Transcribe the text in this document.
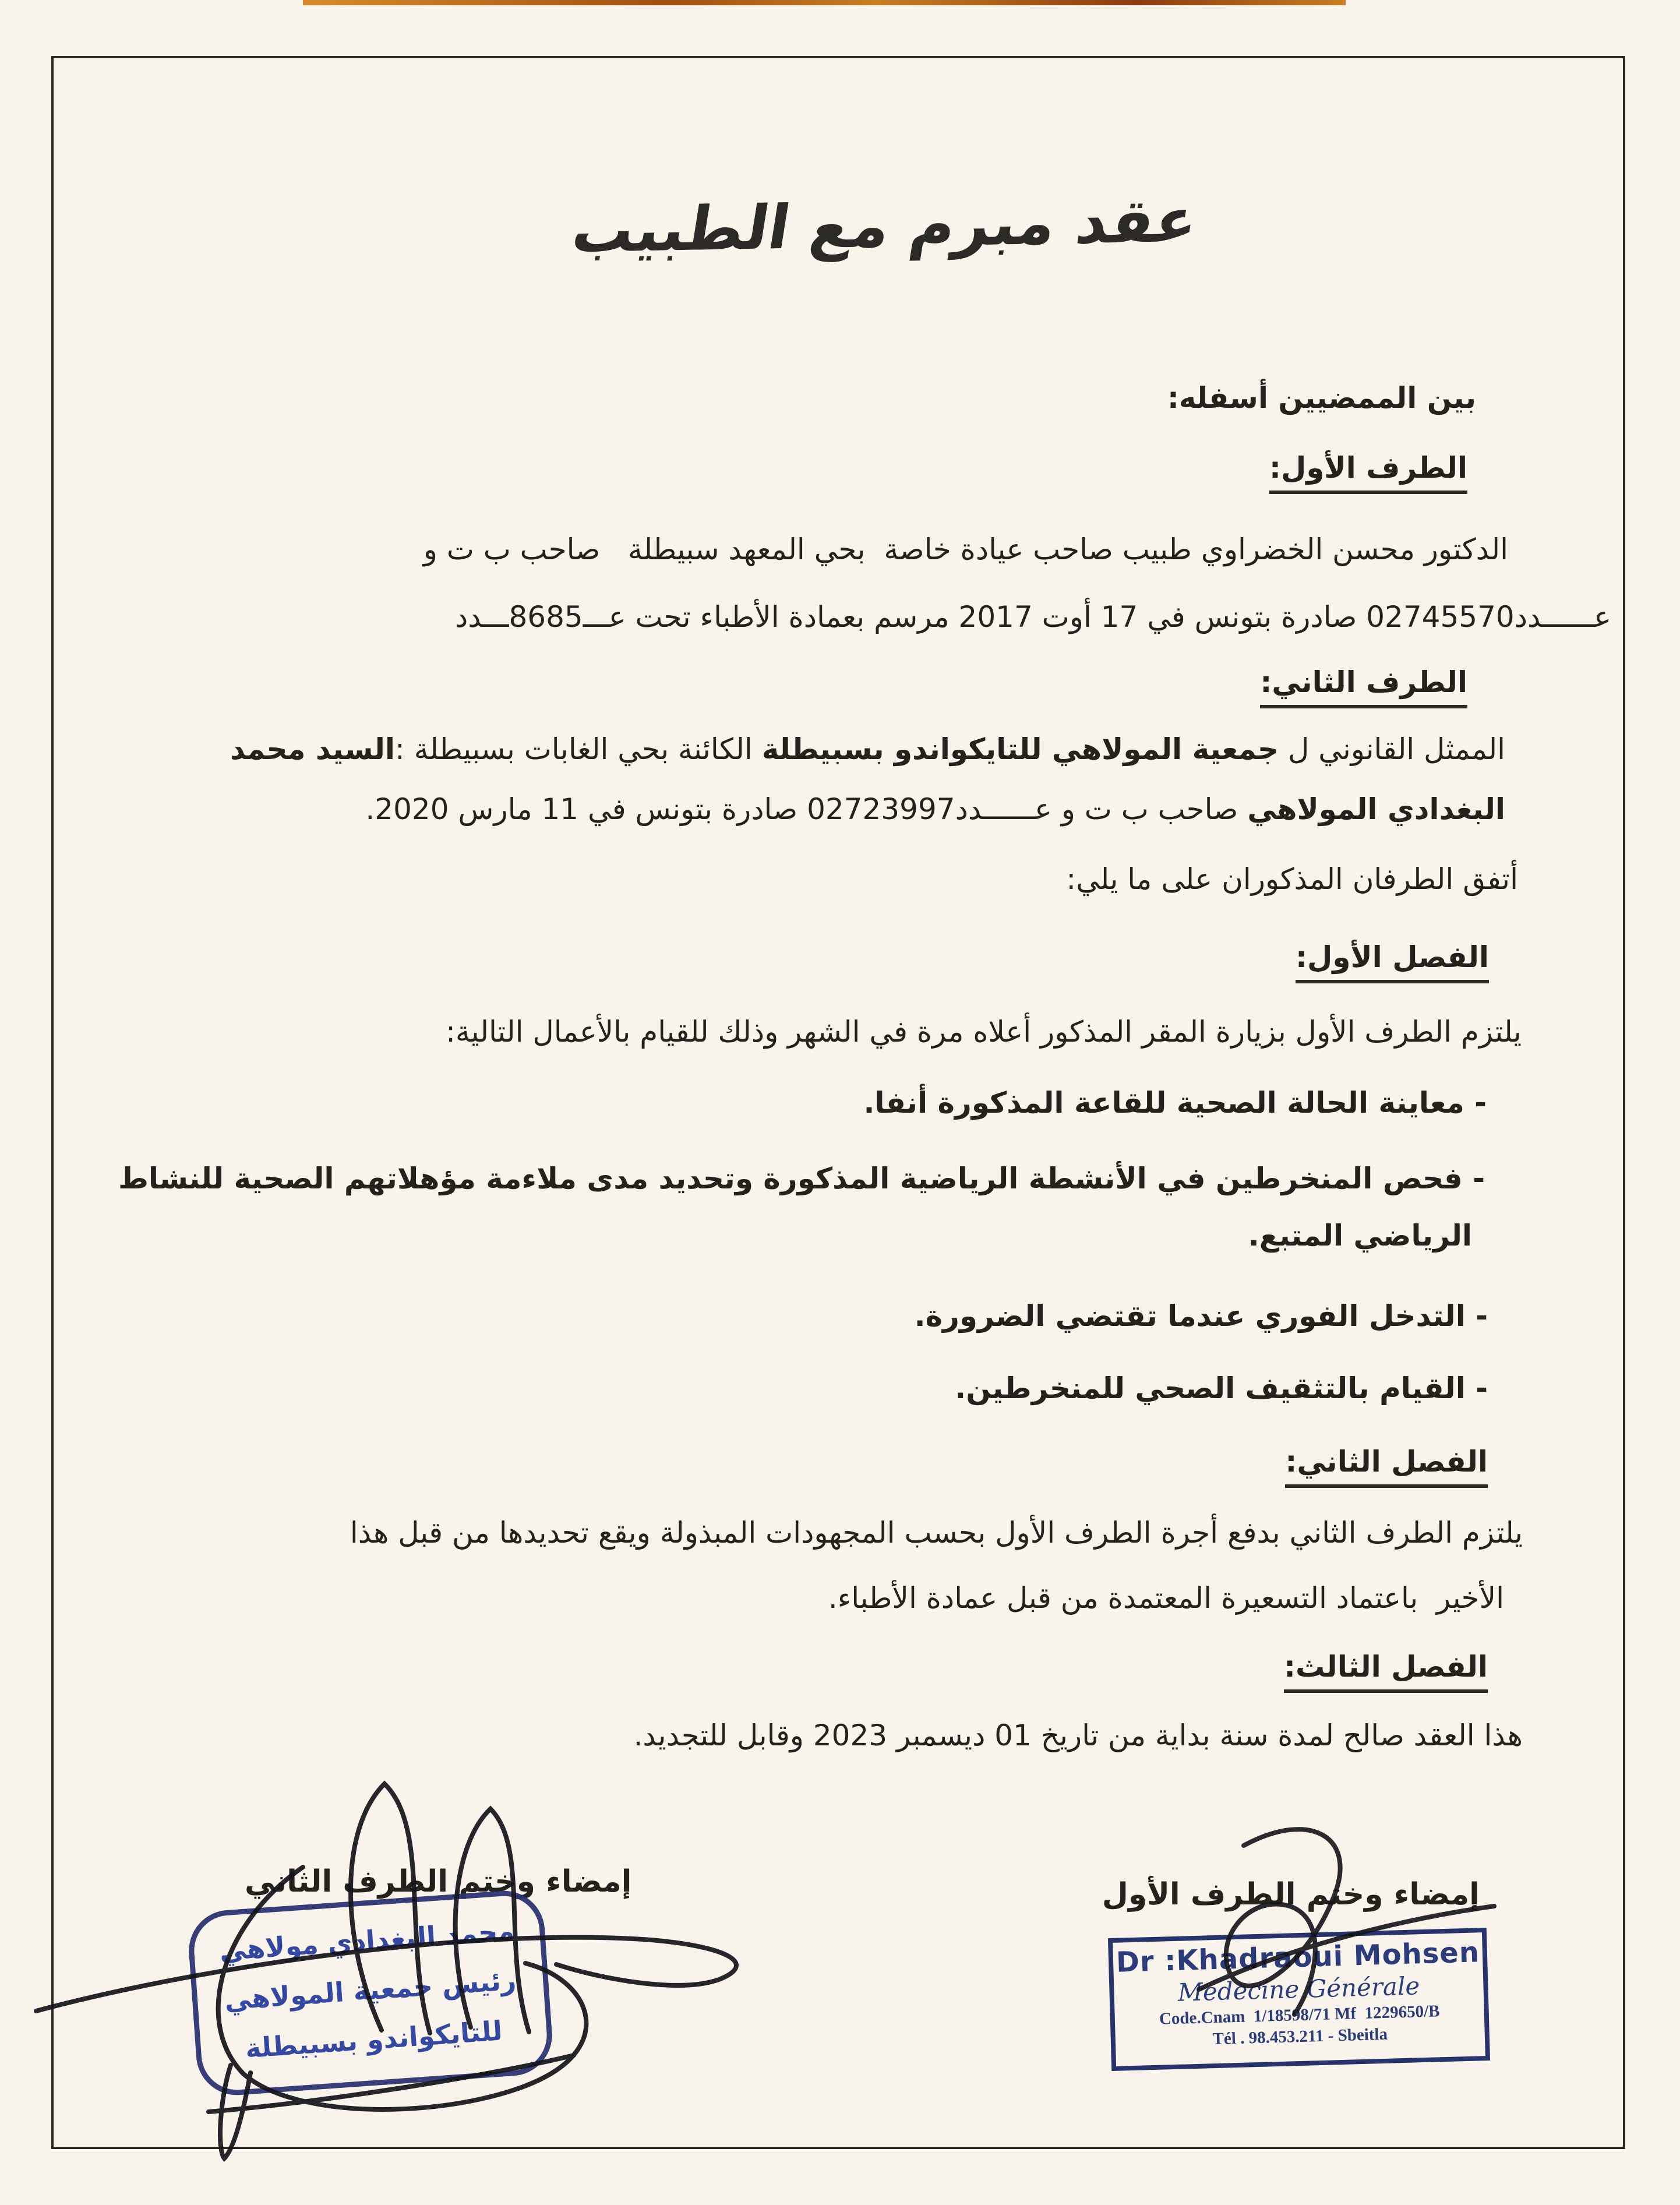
عقد مبرم مع الطبيب
بين الممضيين أسفله:
الطرف الأول:
الدكتور محسن الخضراوي طبيب صاحب عيادة خاصة  بحي المعهد سبيطلة   صاحب ب ت و
عــــــدد02745570 صادرة بتونس في 17 أوت 2017 مرسم بعمادة الأطباء تحت عـــ8685ـــدد
الطرف الثاني:
الممثل القانوني ل جمعية المولاهي للتايكواندو بسبيطلة الكائنة بحي الغابات بسبيطلة :السيد محمد
البغدادي المولاهي صاحب ب ت و عــــــدد02723997 صادرة بتونس في 11 مارس 2020.
أتفق الطرفان المذكوران على ما يلي:
الفصل الأول:
يلتزم الطرف الأول بزيارة المقر المذكور أعلاه مرة في الشهر وذلك للقيام بالأعمال التالية:
- معاينة الحالة الصحية للقاعة المذكورة أنفا.
- فحص المنخرطين في الأنشطة الرياضية المذكورة وتحديد مدى ملاءمة مؤهلاتهم الصحية للنشاط
الرياضي المتبع.
- التدخل الفوري عندما تقتضي الضرورة.
- القيام بالتثقيف الصحي للمنخرطين.
الفصل الثاني:
يلتزم الطرف الثاني بدفع أجرة الطرف الأول بحسب المجهودات المبذولة ويقع تحديدها من قبل هذا
الأخير  باعتماد التسعيرة المعتمدة من قبل عمادة الأطباء.
الفصل الثالث:
هذا العقد صالح لمدة سنة بداية من تاريخ 01 ديسمبر 2023 وقابل للتجديد.
إمضاء وختم الطرف الثاني	إمضاء وختم الطرف الأول
محمد البغدادي مولاهي
رئيس جمعية المولاهي
للتايكواندو بسبيطلة
Dr :Khadraoui Mohsen
Medecine Générale
Code.Cnam  1/18598/71 Mf  1229650/B
Tél . 98.453.211 - Sbeitla
